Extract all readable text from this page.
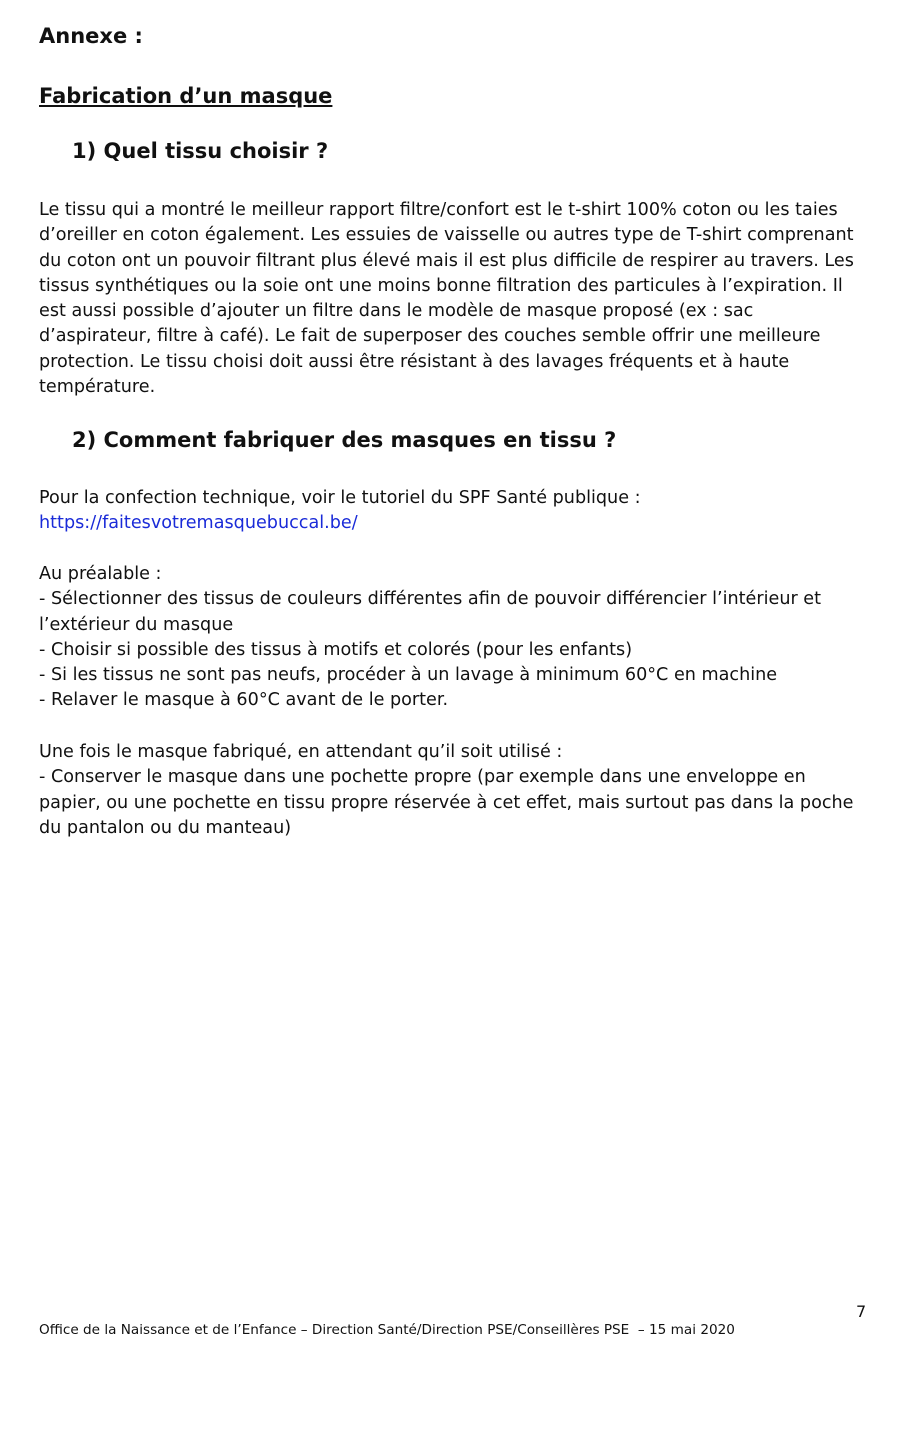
Annexe :
Fabrication d’un masque
1) Quel tissu choisir ?

Le tissu qui a montré le meilleur rapport filtre/confort est le t-shirt 100% coton ou les taies d’oreiller en coton également. Les essuies de vaisselle ou autres type de T-shirt comprenant du coton ont un pouvoir filtrant plus élevé mais il est plus difficile de respirer au travers. Les tissus synthétiques ou la soie ont une moins bonne filtration des particules à l’expiration. Il est aussi possible d’ajouter un filtre dans le modèle de masque proposé (ex : sac d’aspirateur, filtre à café). Le fait de superposer des couches semble offrir une meilleure protection. Le tissu choisi doit aussi être résistant à des lavages fréquents et à haute température.

2) Comment fabriquer des masques en tissu ?
Pour la confection technique, voir le tutoriel du SPF Santé publique :
https://faitesvotremasquebuccal.be/
Au préalable :
- Sélectionner des tissus de couleurs différentes afin de pouvoir différencier l’intérieur et l’extérieur du masque
- Choisir si possible des tissus à motifs et colorés (pour les enfants)
- Si les tissus ne sont pas neufs, procéder à un lavage à minimum 60°C en machine
- Relaver le masque à 60°C avant de le porter.
Une fois le masque fabriqué, en attendant qu’il soit utilisé :
- Conserver le masque dans une pochette propre (par exemple dans une enveloppe en papier, ou une pochette en tissu propre réservée à cet effet, mais surtout pas dans la poche du pantalon ou du manteau)
7
Office de la Naissance et de l’Enfance – Direction Santé/Direction PSE/Conseillères PSE  – 15 mai 2020
